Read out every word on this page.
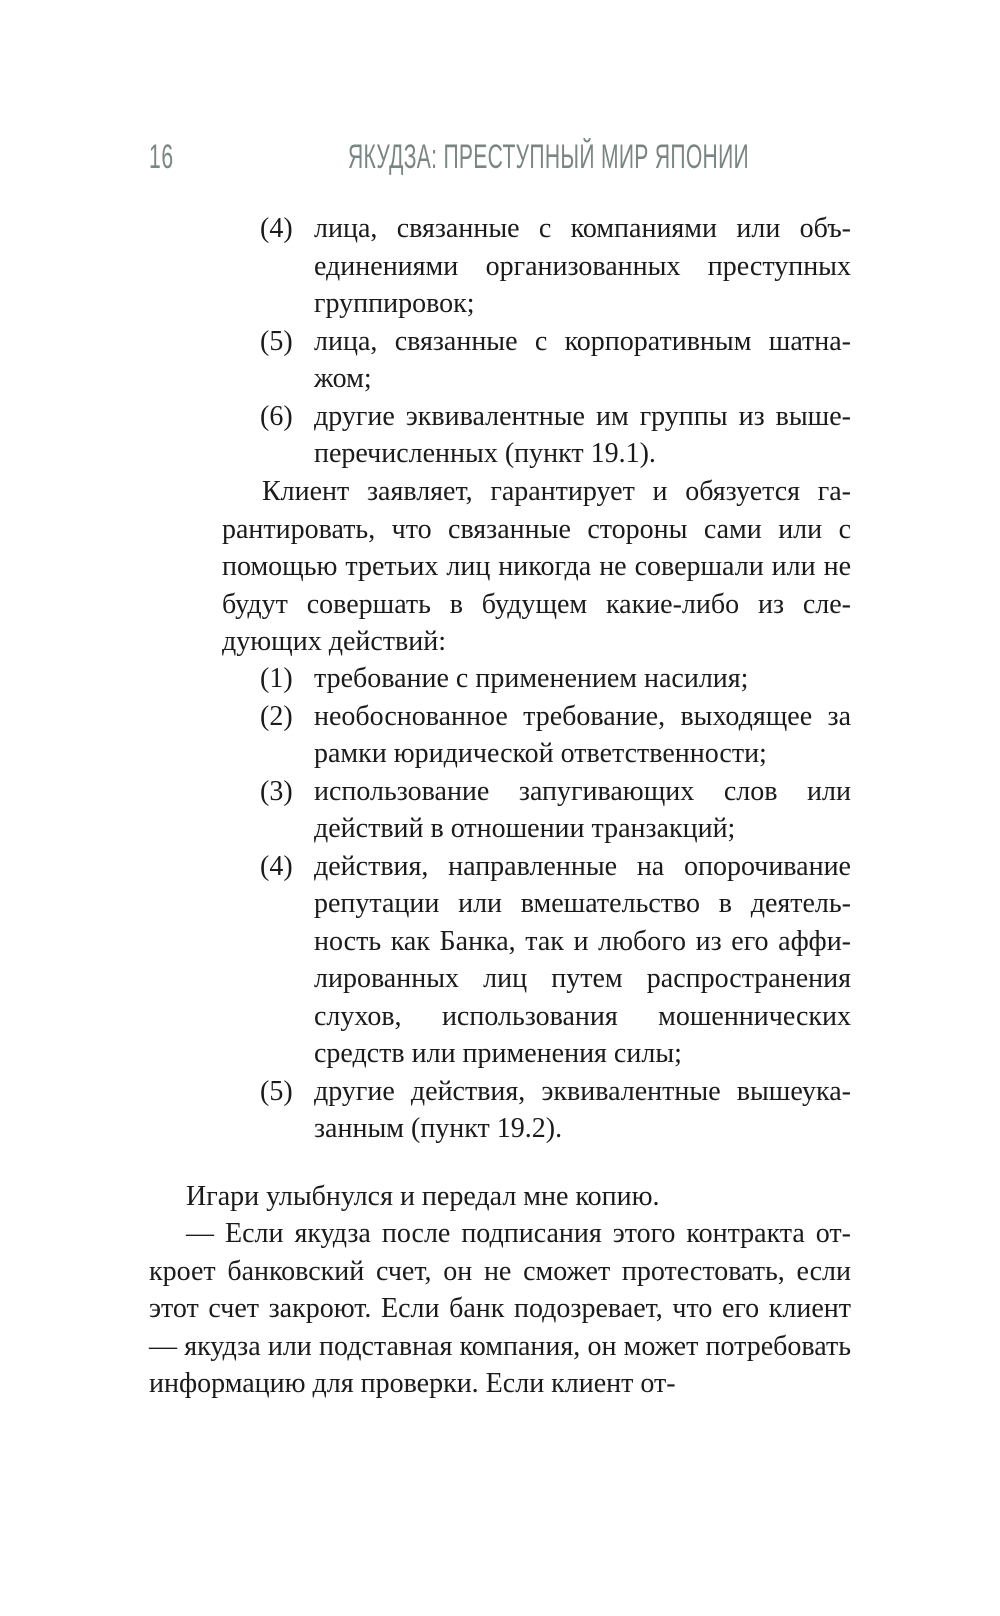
16	ЯКУДЗА: ПРЕСТУПНЫЙ МИР ЯПОНИИ
(4) лица, связанные с компаниями или объединениями организованных преступных группировок;
(5) лица, связанные с корпоративным шатнажом;
(6) другие эквивалентные им группы из вышеперечисленных (пункт 19.1).

Клиент заявляет, гарантирует и обязуется гарантировать, что связанные стороны сами или с помощью третьих лиц никогда не совершали или не будут совершать в будущем какие-либо из следующих действий:

(1) требование с применением насилия;
(2) необоснованное требование, выходящее за рамки юридической ответственности;
(3) использование запугивающих слов или действий в отношении транзакций;
(4) действия, направленные на опорочивание репутации или вмешательство в деятельность как Банка, так и любого из его аффилированных лиц путем распространения слухов, использования мошеннических средств или применения силы;
(5) другие действия, эквивалентные вышеуказанным (пункт 19.2).

Игари улыбнулся и передал мне копию.

— Если якудза после подписания этого контракта откроет банковский счет, он не сможет протестовать, если этот счет закроют. Если банк подозревает, что его клиент — якудза или подставная компания, он может потребовать информацию для проверки. Если клиент от-
